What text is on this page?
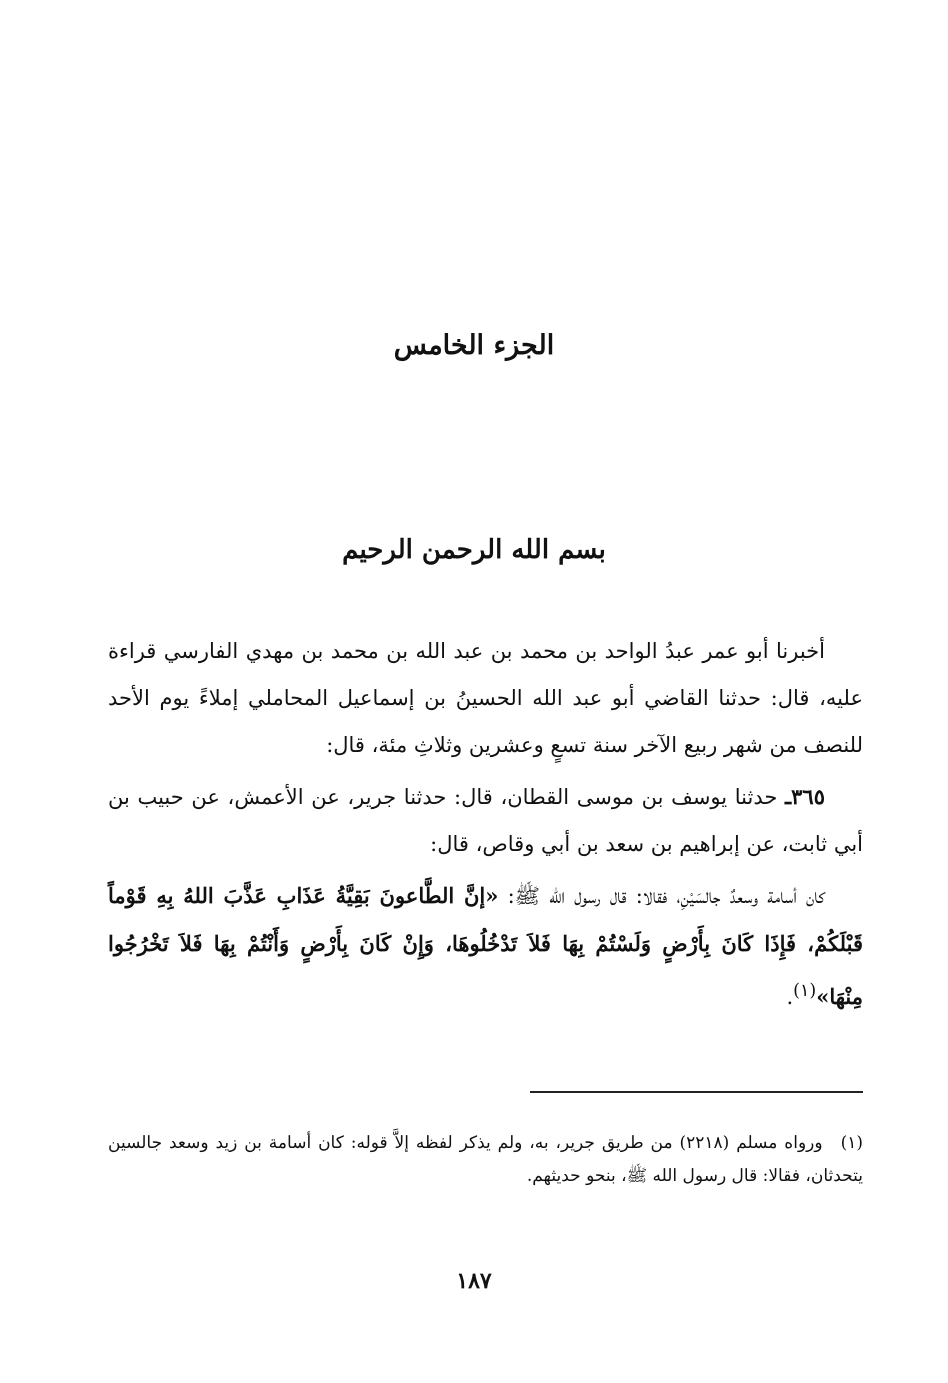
الجزء الخامس
بسم الله الرحمن الرحيم

أخبرنا أبو عمر عبدُ الواحد بن محمد بن عبد الله بن محمد بن مهدي الفارسي قراءة عليه، قال: حدثنا القاضي أبو عبد الله الحسينُ بن إسماعيل المحاملي إملاءً يوم الأحد للنصف من شهر ربيع الآخر سنة تسعٍ وعشرين وثلاثِ مئة، قال:

٣٦٥ـ حدثنا يوسف بن موسى القطان، قال: حدثنا جرير، عن الأعمش، عن حبيب بن أبي ثابت، عن إبراهيم بن سعد بن أبي وقاص، قال:

كان أسامة وسعدٌ جالسَيْنِ، فقالا: قال رسول الله ﷺ: «إنَّ الطَّاعونَ بَقِيَّةُ عَذَابِ عَذَّبَ اللهُ بِهِ قَوْماً قَبْلَكُمْ، فَإِذَا كَانَ بِأَرْضٍ وَلَسْتُمْ بِهَا فَلاَ تَدْخُلُوهَا، وَإِنْ كَانَ بِأَرْضٍ وَأَنْتُمْ بِهَا فَلاَ تَخْرُجُوا مِنْهَا»$^{(١)}$.

(١)ورواه مسلم (٢٢١٨) من طريق جرير، به، ولم يذكر لفظه إلاَّ قوله: كان أسامة بن زيد وسعد جالسين يتحدثان، فقالا: قال رسول الله ﷺ، بنحو حديثهم.

١٨٧
